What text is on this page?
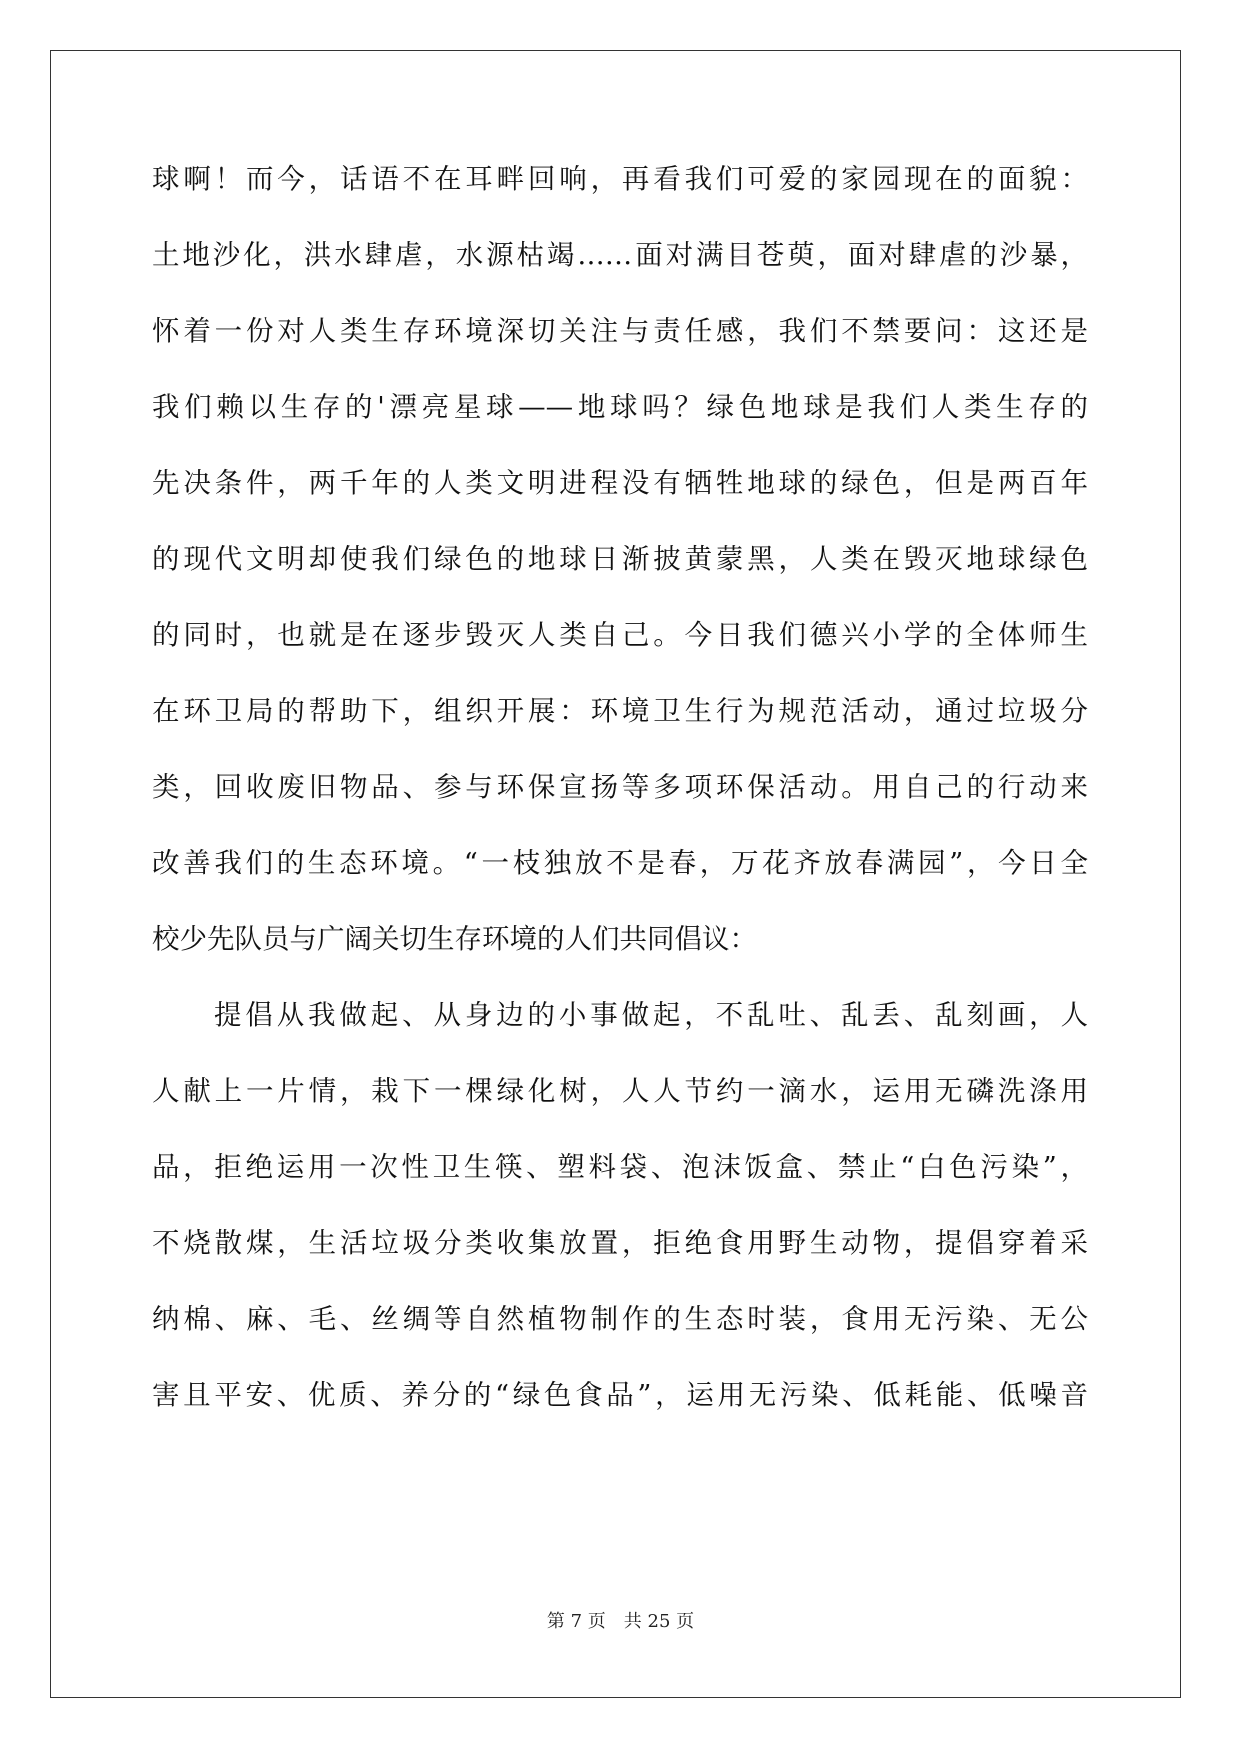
球啊！而今，话语不在耳畔回响，再看我们可爱的家园现在的面貌：
土地沙化，洪水肆虐，水源枯竭……面对满目苍萸，面对肆虐的沙暴，
怀着一份对人类生存环境深切关注与责任感，我们不禁要问：这还是
我们赖以生存的'漂亮星球——地球吗？绿色地球是我们人类生存的
先决条件，两千年的人类文明进程没有牺牲地球的绿色，但是两百年
的现代文明却使我们绿色的地球日渐披黄蒙黑，人类在毁灭地球绿色
的同时，也就是在逐步毁灭人类自己。今日我们德兴小学的全体师生
在环卫局的帮助下，组织开展：环境卫生行为规范活动，通过垃圾分
类，回收废旧物品、参与环保宣扬等多项环保活动。用自己的行动来
改善我们的生态环境。“一枝独放不是春，万花齐放春满园”，今日全
校少先队员与广阔关切生存环境的人们共同倡议：
提倡从我做起、从身边的小事做起，不乱吐、乱丢、乱刻画，人
人献上一片情，栽下一棵绿化树，人人节约一滴水，运用无磷洗涤用
品，拒绝运用一次性卫生筷、塑料袋、泡沫饭盒、禁止“白色污染”，
不烧散煤，生活垃圾分类收集放置，拒绝食用野生动物，提倡穿着采
纳棉、麻、毛、丝绸等自然植物制作的生态时装，食用无污染、无公
害且平安、优质、养分的“绿色食品”，运用无污染、低耗能、低噪音
第 7 页 共 25 页
